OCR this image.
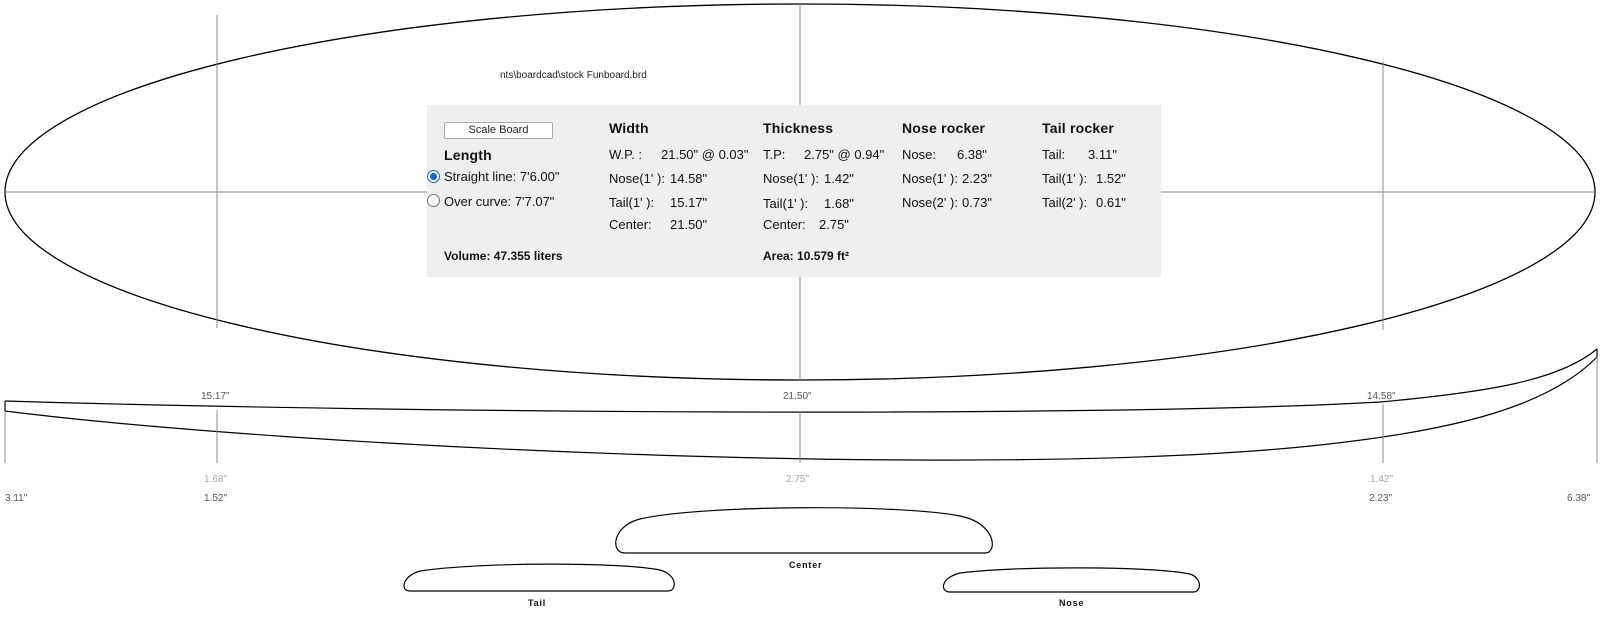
nts\boardcad\stock Funboard.brd
Scale Board
Length
Straight line: 7'6.00"
Over curve: 7'7.07"
Volume: 47.355 liters
Width
W.P. : 21.50" @ 0.03"
Nose(1' ): 14.58"
Tail(1' ): 15.17"
Center: 21.50"
Thickness
T.P: 2.75" @ 0.94"
Nose(1' ): 1.42"
Tail(1' ): 1.68"
Center: 2.75"
Area: 10.579 ft²
Nose rocker
Nose: 6.38"
Nose(1' ): 2.23"
Nose(2' ): 0.73"
Tail rocker
Tail: 3.11"
Tail(1' ): 1.52"
Tail(2' ): 0.61"
15.17"	21.50"	14.58"
1.68"	2.75"	1.42"
3.11"	1.52"	2.23"	6.38"
Center
Tail	Nose
